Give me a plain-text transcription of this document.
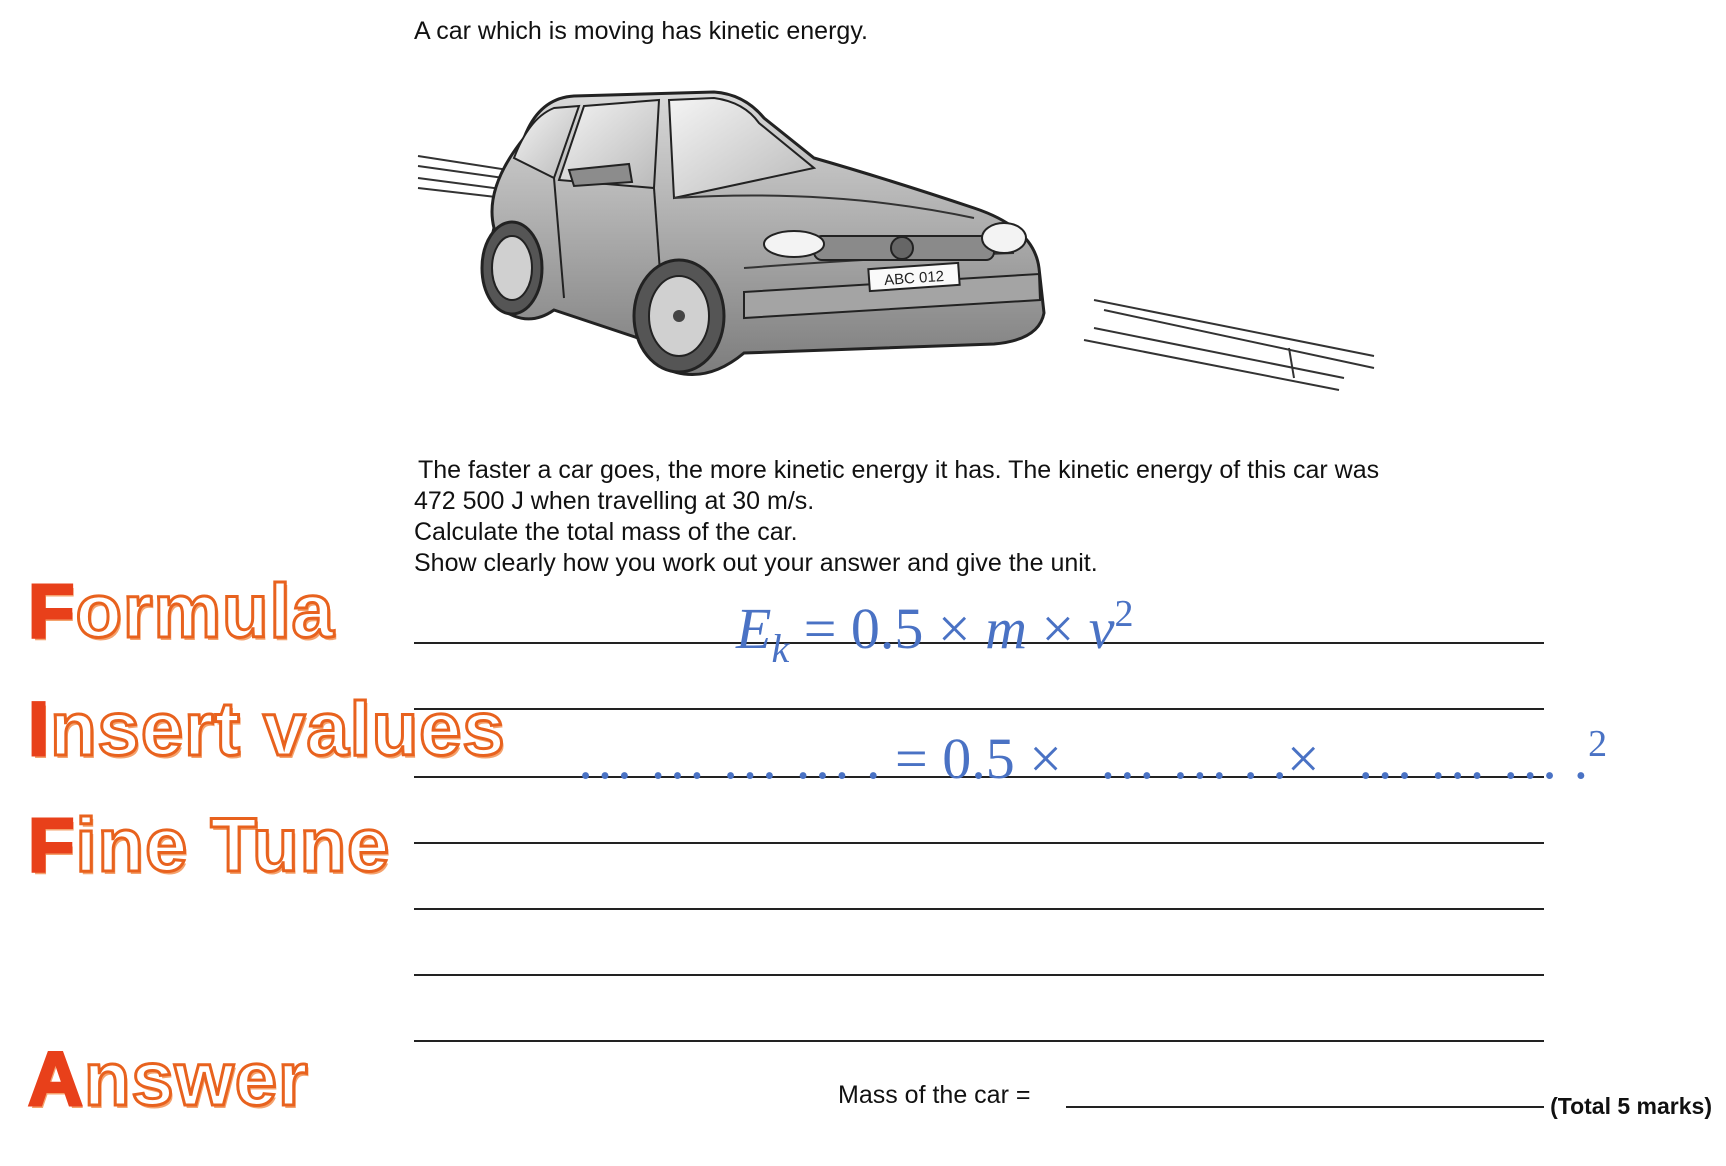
A car which is moving has kinetic energy.
ABC 012
The faster a car goes, the more kinetic energy it has. The kinetic energy of this car was
472 500 J when travelling at 30 m/s.
Calculate the total mass of the car.
Show clearly how you work out your answer and give the unit.
Formula
Insert values
Fine Tune
Answer
$E_k = 0.5 \times m \times v^2$
… … … … . = 0.5 × … … . .× … … … .$^2$
Mass of the car =	(Total 5 marks)
